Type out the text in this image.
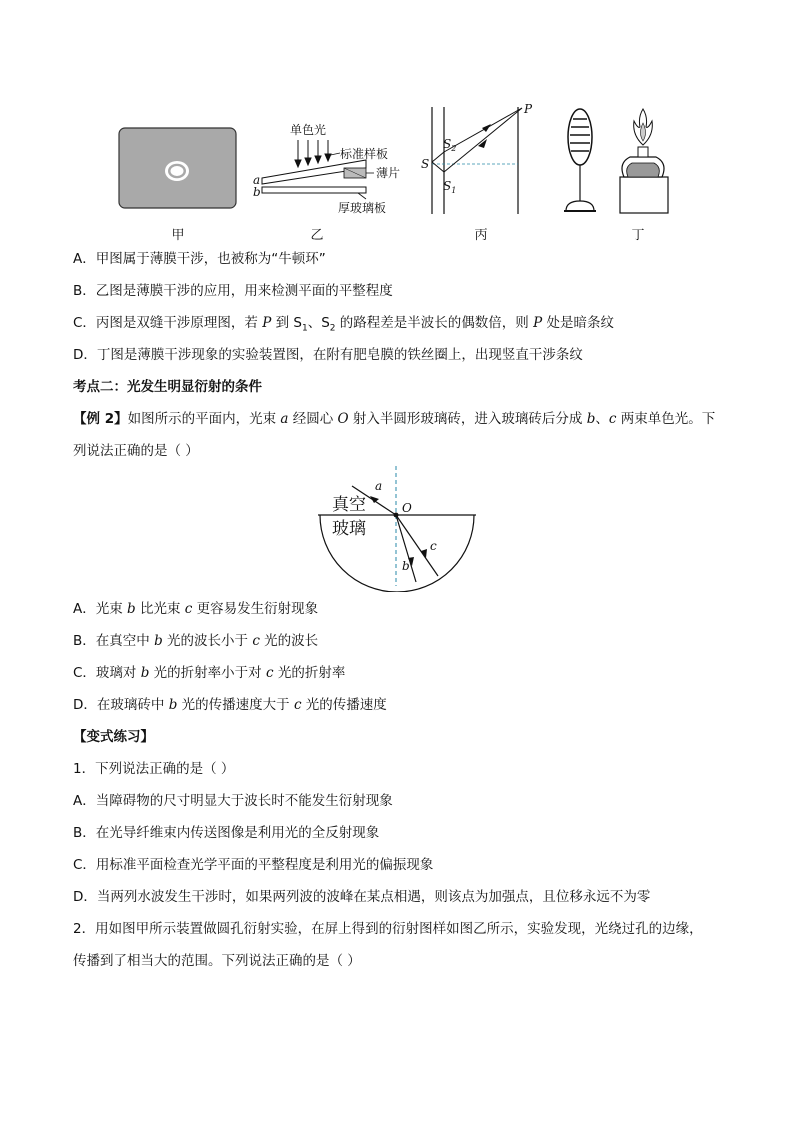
单色光
标准样板
薄片
厚玻璃板
a
b
P
S
$S_2$
$S_1$
甲	乙	丙	丁
A．甲图属于薄膜干涉，也被称为“牛顿环”
B．乙图是薄膜干涉的应用，用来检测平面的平整程度
C．丙图是双缝干涉原理图，若 P 到 $S_1$、$S_2$ 的路程差是半波长的偶数倍，则 P 处是暗条纹
D．丁图是薄膜干涉现象的实验装置图，在附有肥皂膜的铁丝圈上，出现竖直干涉条纹
考点二：光发生明显衍射的条件
【例 2】如图所示的平面内，光束 a 经圆心 O 射入半圆形玻璃砖，进入玻璃砖后分成 b、c 两束单色光。下
列说法正确的是（ ）
真空
玻璃
a
O
b
c
A．光束 b 比光束 c 更容易发生衍射现象
B．在真空中 b 光的波长小于 c 光的波长
C．玻璃对 b 光的折射率小于对 c 光的折射率
D．在玻璃砖中 b 光的传播速度大于 c 光的传播速度
【变式练习】
1．下列说法正确的是（ ）
A．当障碍物的尺寸明显大于波长时不能发生衍射现象
B．在光导纤维束内传送图像是利用光的全反射现象
C．用标准平面检查光学平面的平整程度是利用光的偏振现象
D．当两列水波发生干涉时，如果两列波的波峰在某点相遇，则该点为加强点，且位移永远不为零
2．用如图甲所示装置做圆孔衍射实验，在屏上得到的衍射图样如图乙所示，实验发现，光绕过孔的边缘，
传播到了相当大的范围。下列说法正确的是（ ）
